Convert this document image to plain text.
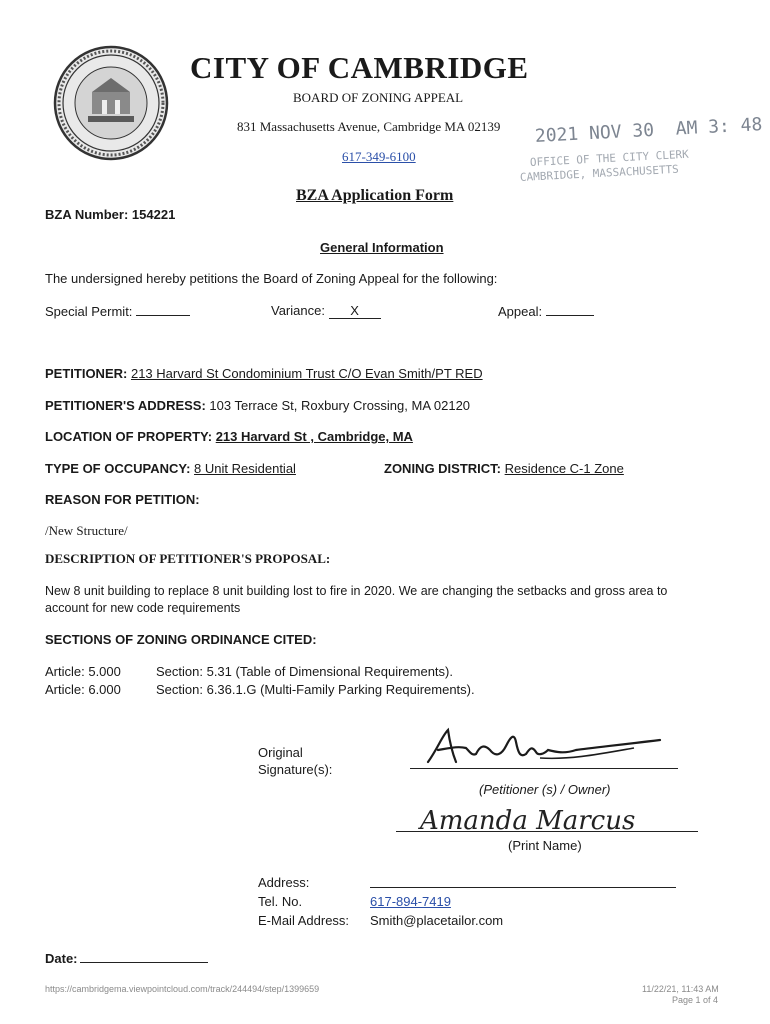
CITY OF CAMBRIDGE
BOARD OF ZONING APPEAL
831 Massachusetts Avenue, Cambridge MA 02139
617-349-6100
2021 NOV 30 AM 3: 48
OFFICE OF THE CITY CLERK
CAMBRIDGE, MASSACHUSETTS
BZA Application Form
BZA Number: 154221
General Information
The undersigned hereby petitions the Board of Zoning Appeal for the following:
Special Permit:	Variance: X	Appeal:
PETITIONER: 213 Harvard St Condominium Trust C/O Evan Smith/PT RED
PETITIONER'S ADDRESS: 103 Terrace St, Roxbury Crossing, MA 02120
LOCATION OF PROPERTY: 213 Harvard St , Cambridge, MA
TYPE OF OCCUPANCY: 8 Unit Residential	ZONING DISTRICT: Residence C-1 Zone
REASON FOR PETITION:
/New Structure/
DESCRIPTION OF PETITIONER'S PROPOSAL:
New 8 unit building to replace 8 unit building lost to fire in 2020. We are changing the setbacks and gross area to
account for new code requirements
SECTIONS OF ZONING ORDINANCE CITED:
Article: 5.000	Section: 5.31 (Table of Dimensional Requirements).
Article: 6.000	Section: 6.36.1.G (Multi-Family Parking Requirements).
Original
Signature(s):
(Petitioner (s) / Owner)
Amanda Marcus
(Print Name)
Address:
Tel. No.	617-894-7419
E-Mail Address: Smith@placetailor.com
Date:
https://cambridgema.viewpointcloud.com/track/244494/step/1399659	11/22/21, 11:43 AM
Page 1 of 4
